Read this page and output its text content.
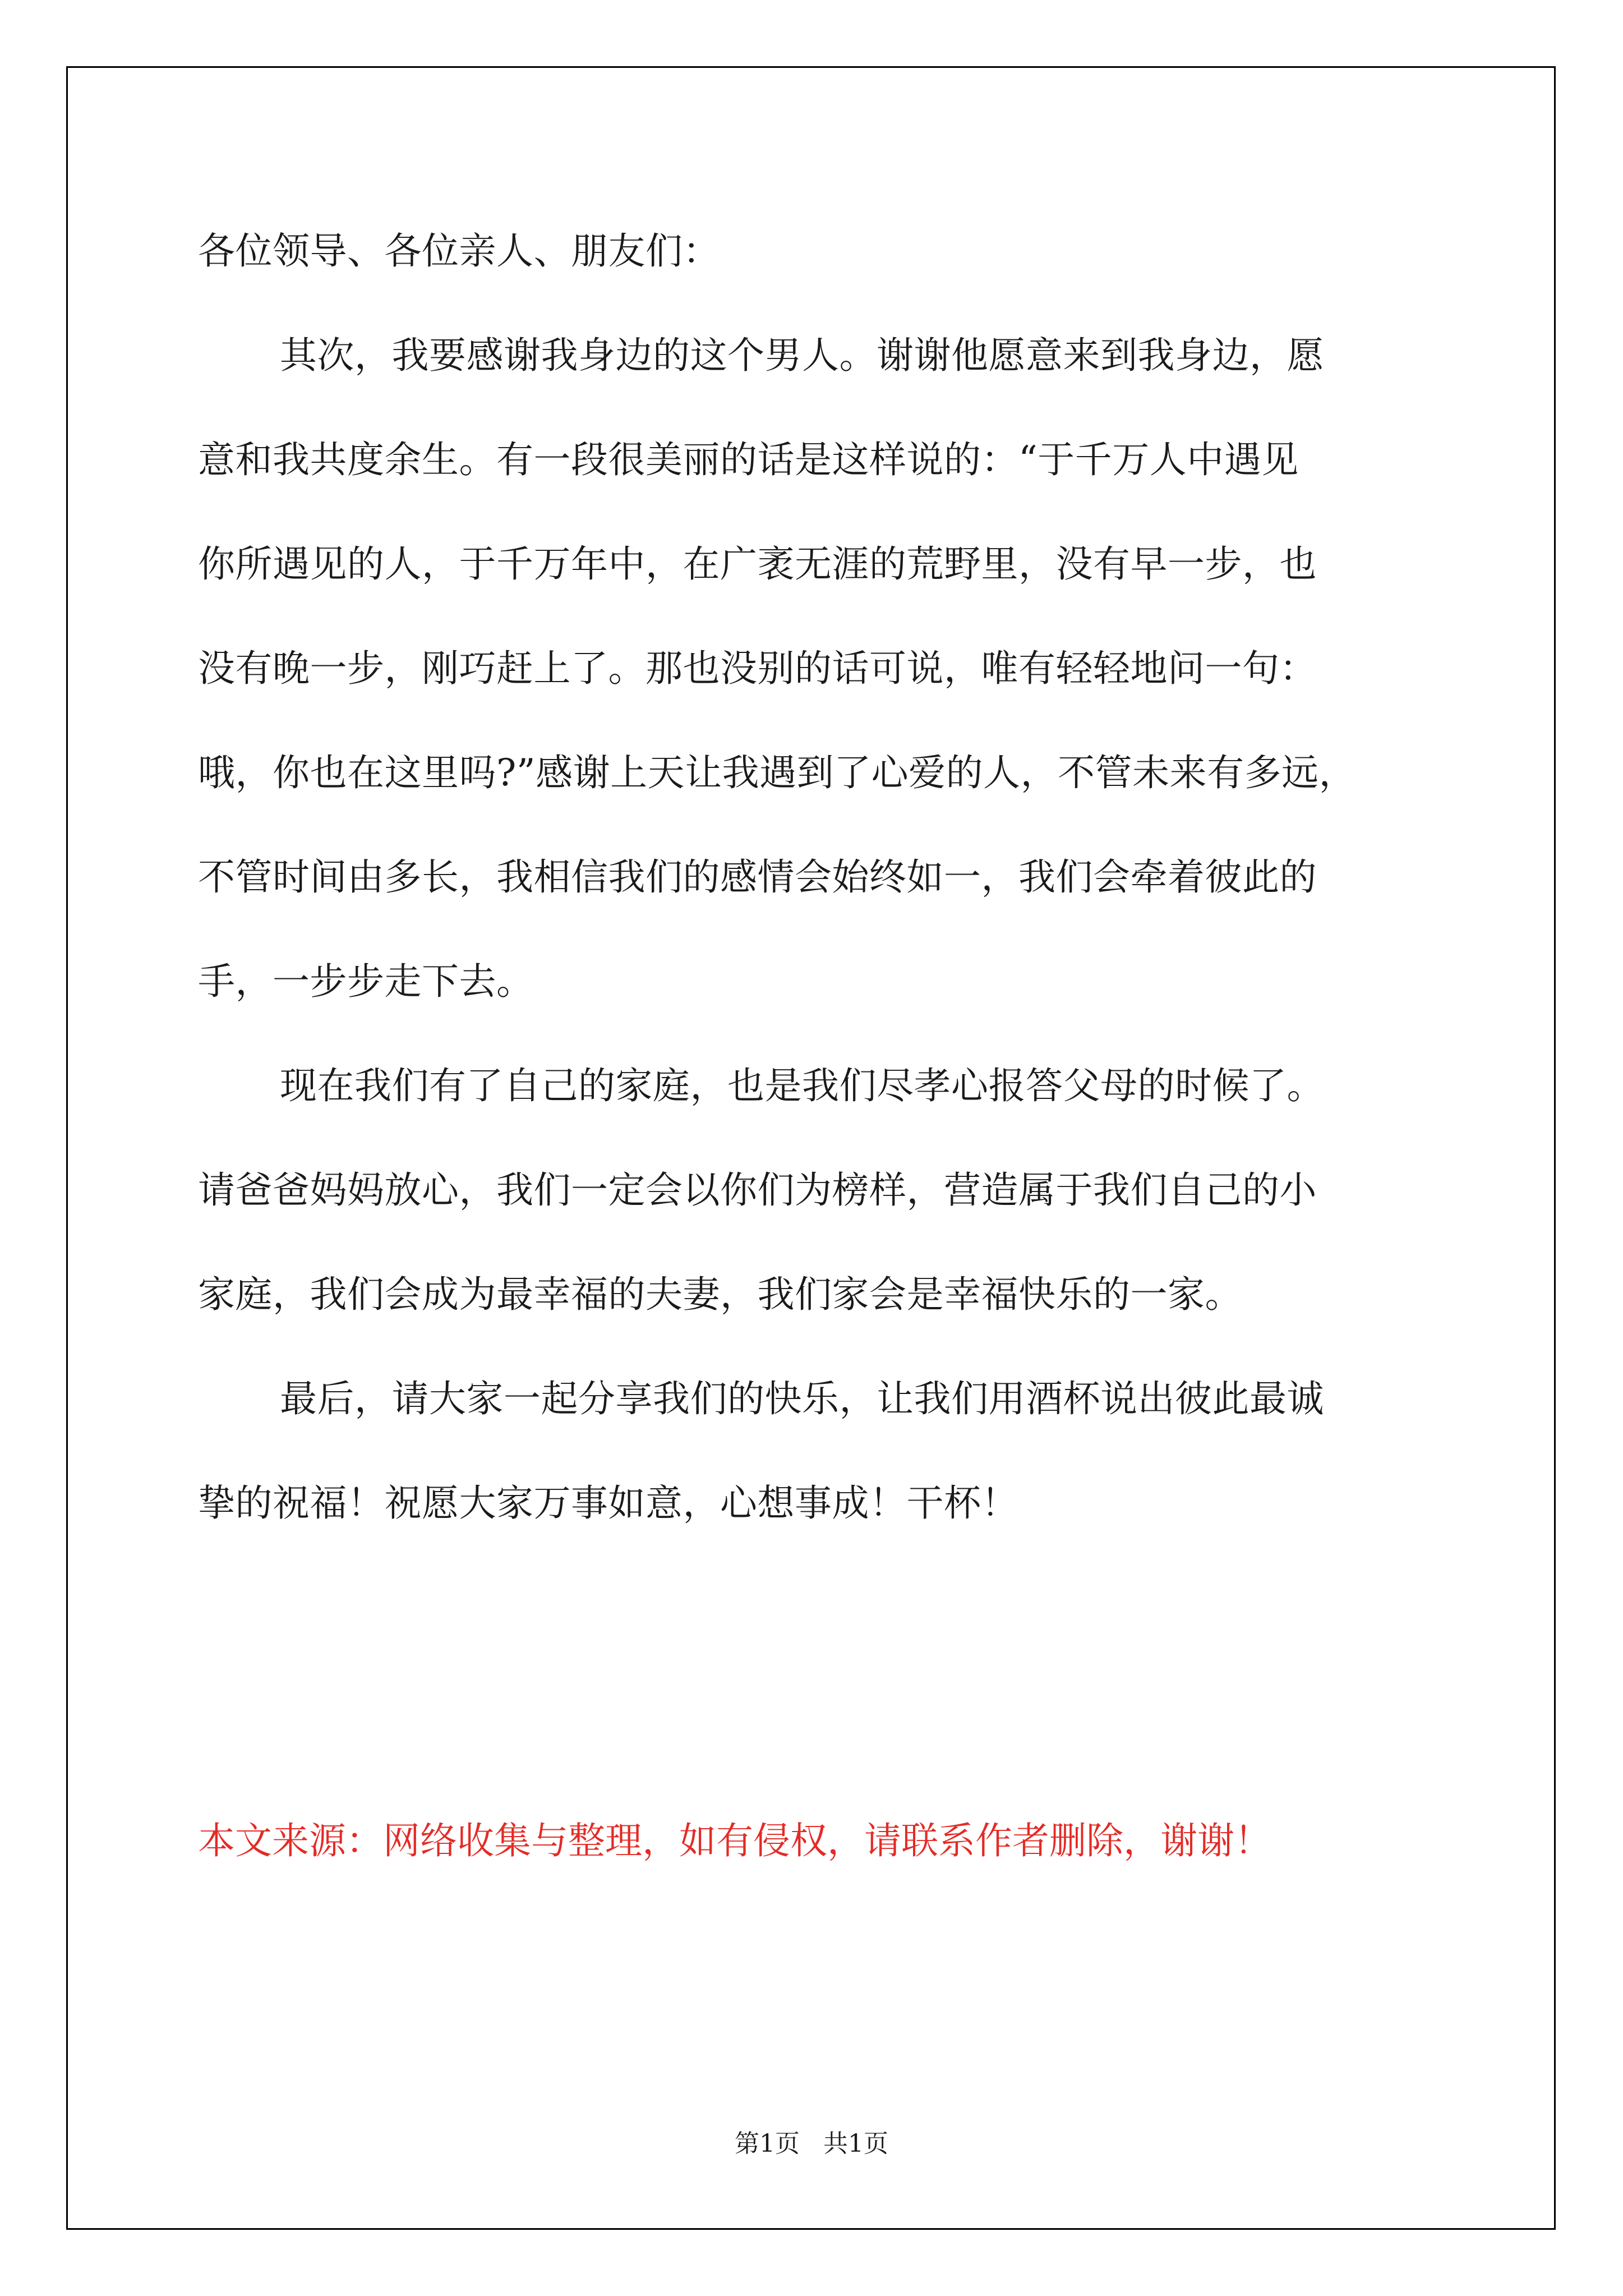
各位领导、各位亲人、朋友们：
其次，我要感谢我身边的这个男人。谢谢他愿意来到我身边，愿
意和我共度余生。有一段很美丽的话是这样说的：“于千万人中遇见
你所遇见的人，于千万年中，在广袤无涯的荒野里，没有早一步，也
没有晚一步，刚巧赶上了。那也没别的话可说，唯有轻轻地问一句：
哦，你也在这里吗?”感谢上天让我遇到了心爱的人，不管未来有多远，
不管时间由多长，我相信我们的感情会始终如一，我们会牵着彼此的
手，一步步走下去。
现在我们有了自己的家庭，也是我们尽孝心报答父母的时候了。
请爸爸妈妈放心，我们一定会以你们为榜样，营造属于我们自己的小
家庭，我们会成为最幸福的夫妻，我们家会是幸福快乐的一家。
最后，请大家一起分享我们的快乐，让我们用酒杯说出彼此最诚
挚的祝福！祝愿大家万事如意，心想事成！干杯！
本文来源：网络收集与整理，如有侵权，请联系作者删除，谢谢！
第1页 共1页
